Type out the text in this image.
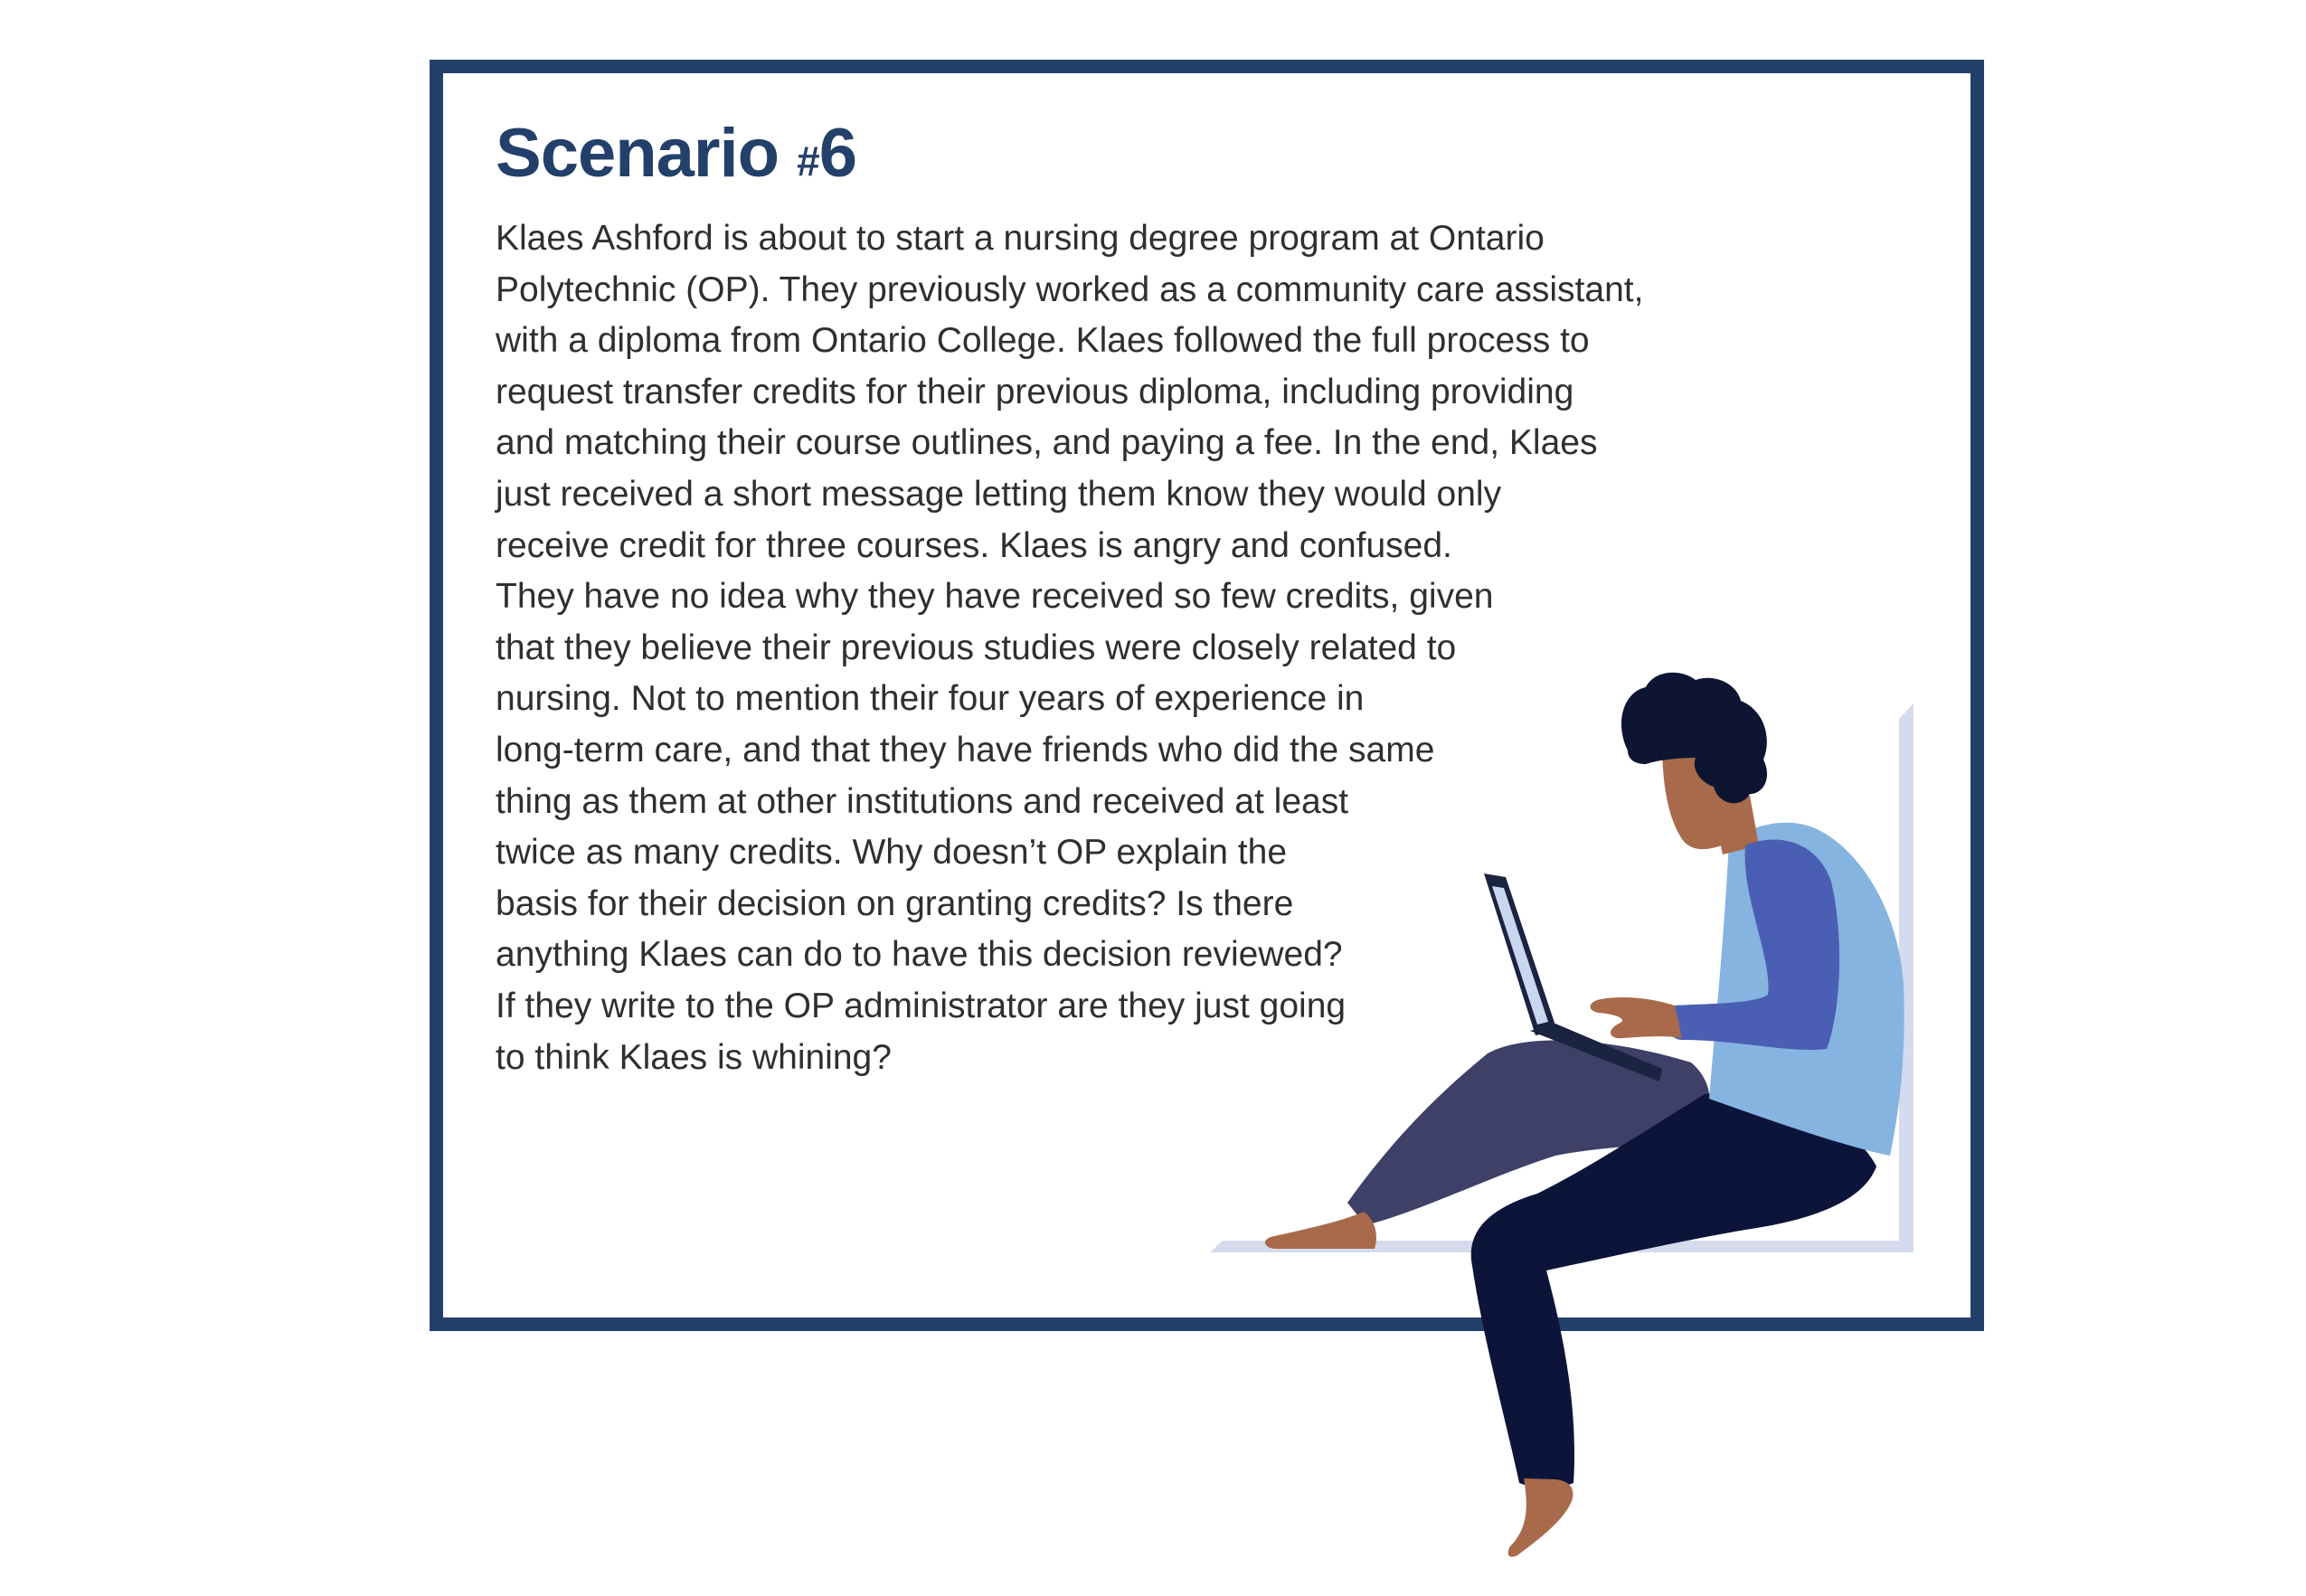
Scenario #6
Klaes Ashford is about to start a nursing degree program at Ontario
Polytechnic (OP). They previously worked as a community care assistant,
with a diploma from Ontario College. Klaes followed the full process to
request transfer credits for their previous diploma, including providing
and matching their course outlines, and paying a fee. In the end, Klaes
just received a short message letting them know they would only
receive credit for three courses. Klaes is angry and confused.
They have no idea why they have received so few credits, given
that they believe their previous studies were closely related to
nursing. Not to mention their four years of experience in
long-term care, and that they have friends who did the same
thing as them at other institutions and received at least
twice as many credits. Why doesn’t OP explain the
basis for their decision on granting credits? Is there
anything Klaes can do to have this decision reviewed?
If they write to the OP administrator are they just going
to think Klaes is whining?
